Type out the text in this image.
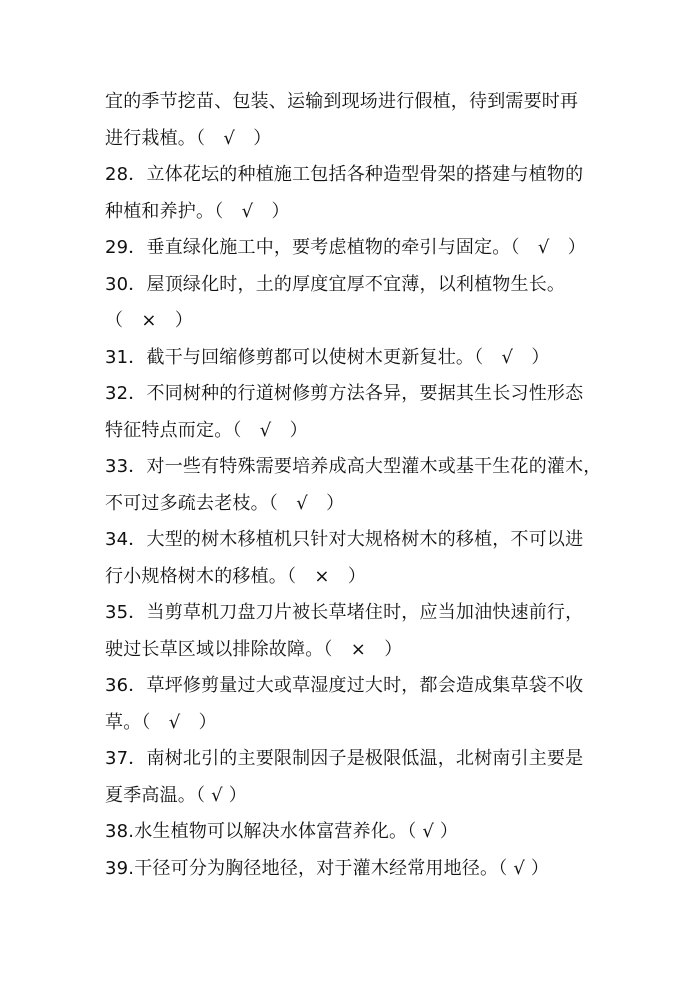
宜的季节挖苗、包装、运输到现场进行假植，待到需要时再
进行栽植。（　√　）
28．立体花坛的种植施工包括各种造型骨架的搭建与植物的
种植和养护。（　√　）
29．垂直绿化施工中，要考虑植物的牵引与固定。（　√　）
30．屋顶绿化时，土的厚度宜厚不宜薄，以利植物生长。
（　×　）
31．截干与回缩修剪都可以使树木更新复壮。（　√　）
32．不同树种的行道树修剪方法各异，要据其生长习性形态
特征特点而定。（　√　）
33．对一些有特殊需要培养成高大型灌木或基干生花的灌木，
不可过多疏去老枝。（　√　）
34．大型的树木移植机只针对大规格树木的移植，不可以进
行小规格树木的移植。（　×　）
35．当剪草机刀盘刀片被长草堵住时，应当加油快速前行，
驶过长草区域以排除故障。（　×　）
36．草坪修剪量过大或草湿度过大时，都会造成集草袋不收
草。（　√　）
37．南树北引的主要限制因子是极限低温，北树南引主要是
夏季高温。（ √ ）
38.水生植物可以解决水体富营养化。（ √ ）
39.干径可分为胸径地径，对于灌木经常用地径。（ √ ）
